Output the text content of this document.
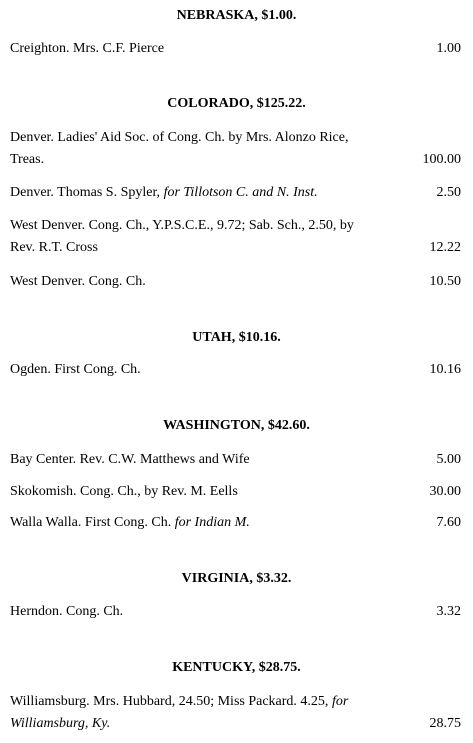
NEBRASKA, $1.00.
Creighton. Mrs. C.F. Pierce	1.00
COLORADO, $125.22.
Denver. Ladies' Aid Soc. of Cong. Ch. by Mrs. Alonzo Rice,
Treas.	100.00
Denver. Thomas S. Spyler, for Tillotson C. and N. Inst.	2.50
West Denver. Cong. Ch., Y.P.S.C.E., 9.72; Sab. Sch., 2.50, by
Rev. R.T. Cross	12.22
West Denver. Cong. Ch.	10.50
UTAH, $10.16.
Ogden. First Cong. Ch.	10.16
WASHINGTON, $42.60.
Bay Center. Rev. C.W. Matthews and Wife	5.00
Skokomish. Cong. Ch., by Rev. M. Eells	30.00
Walla Walla. First Cong. Ch. for Indian M.	7.60
VIRGINIA, $3.32.
Herndon. Cong. Ch.	3.32
KENTUCKY, $28.75.
Williamsburg. Mrs. Hubbard, 24.50; Miss Packard. 4.25, for
Williamsburg, Ky.	28.75
